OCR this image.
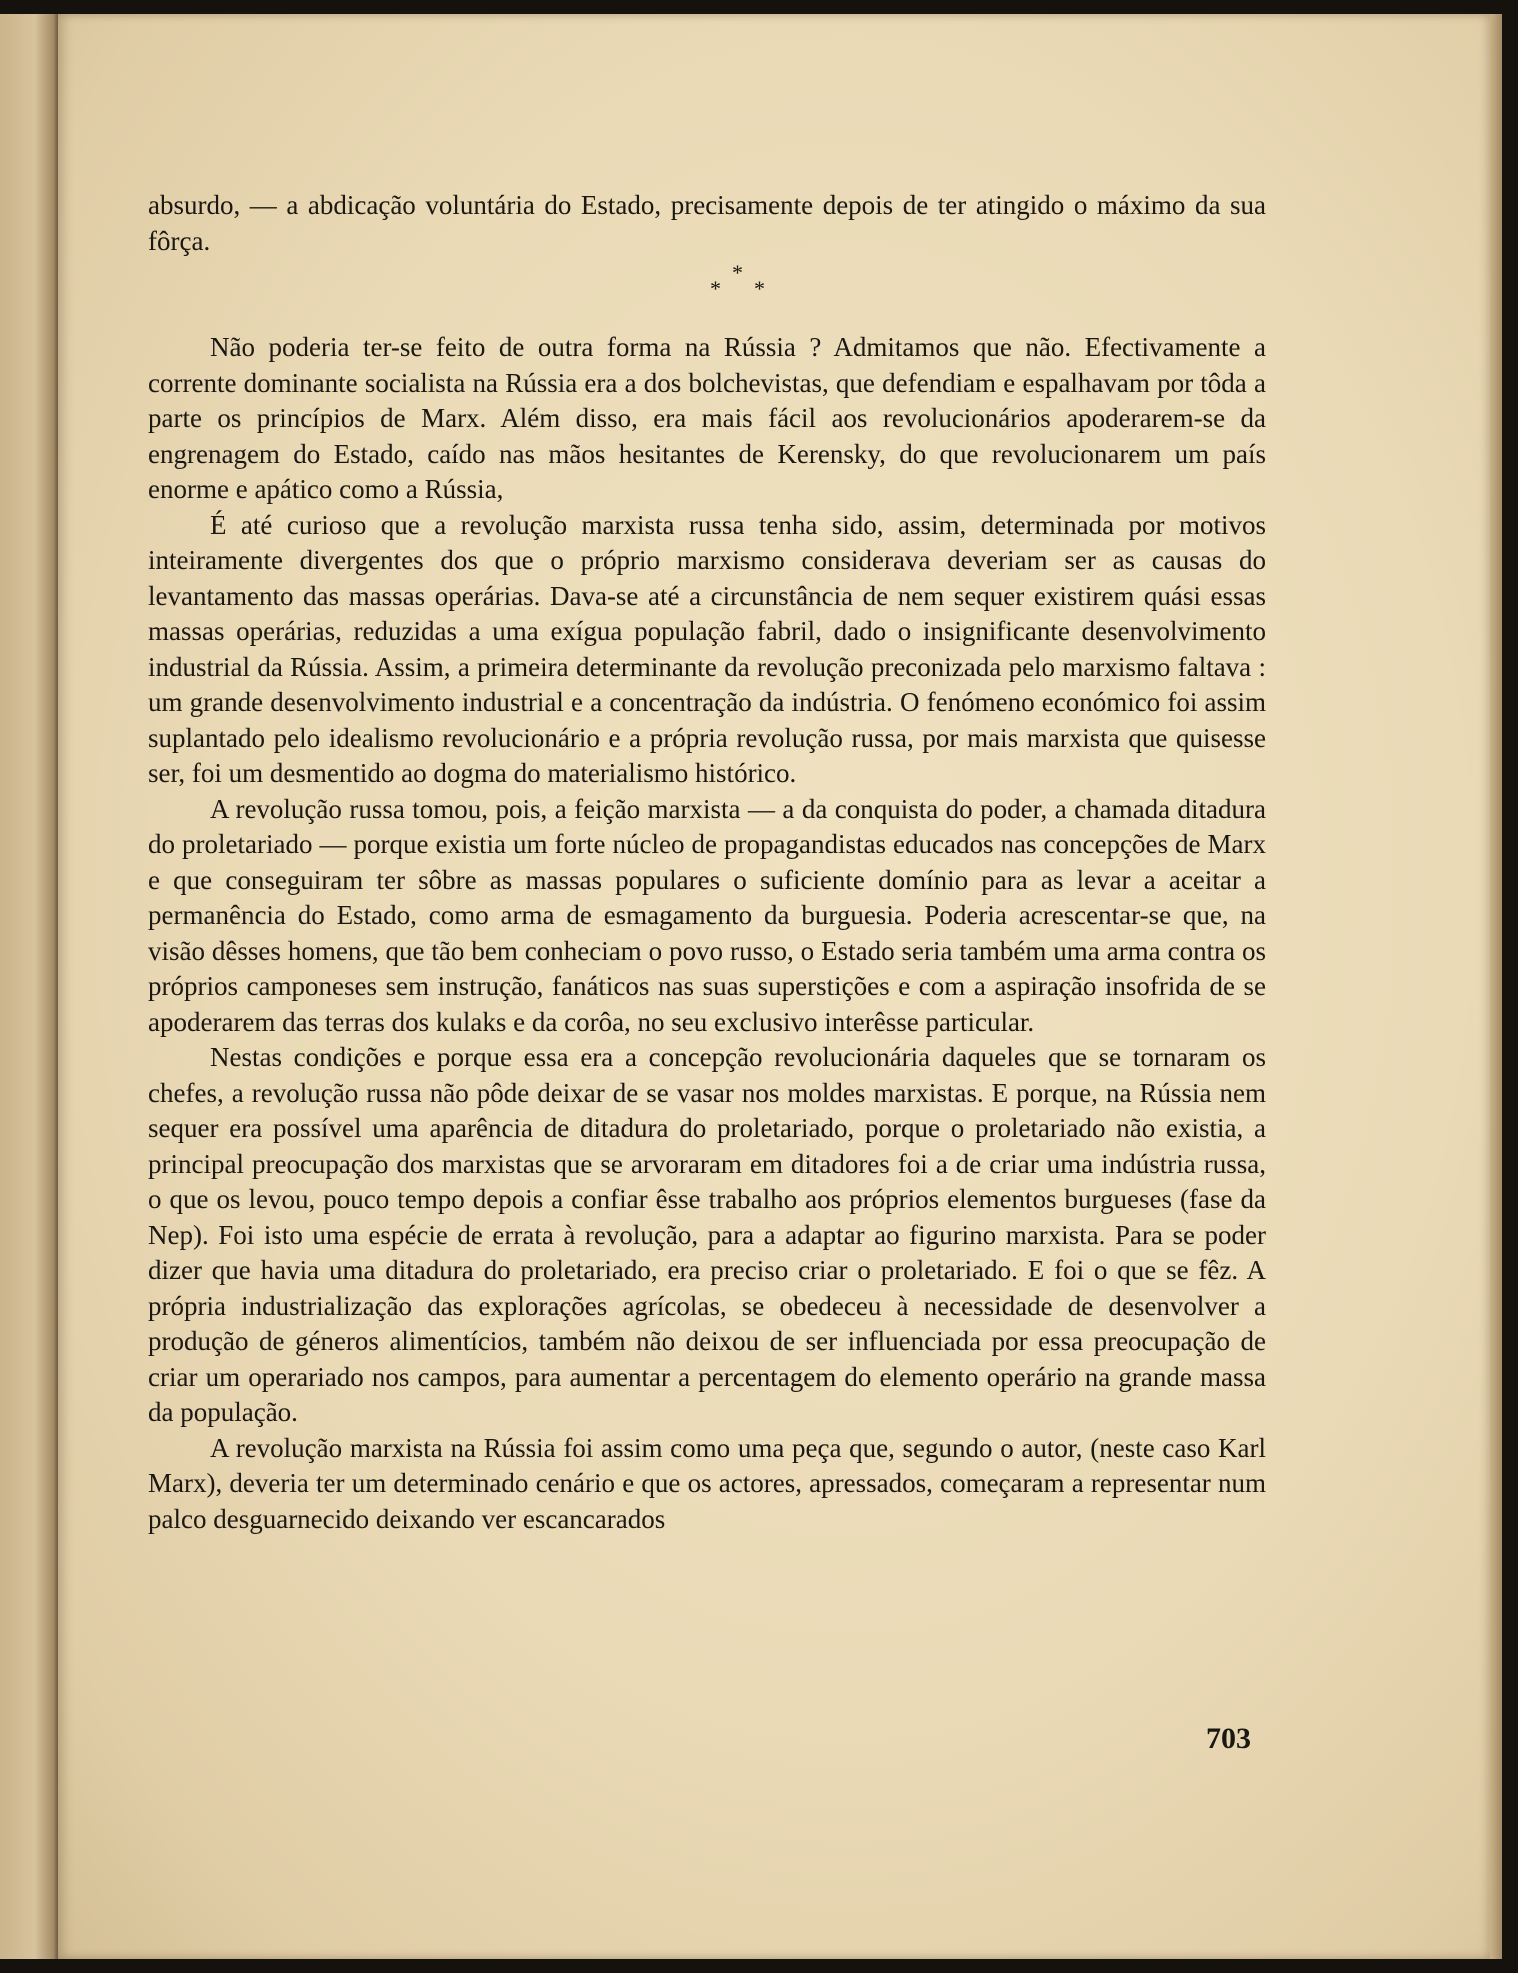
absurdo, — a abdicação voluntária do Estado, precisamente depois de ter atingido o máximo da sua fôrça.

*
* *

Não poderia ter-se feito de outra forma na Rússia ? Admitamos que não. Efectivamente a corrente dominante socialista na Rússia era a dos bolchevistas, que defendiam e espalhavam por tôda a parte os princípios de Marx. Além disso, era mais fácil aos revolucionários apoderarem-se da engrenagem do Estado, caído nas mãos hesitantes de Kerensky, do que revolucionarem um país enorme e apático como a Rússia,

É até curioso que a revolução marxista russa tenha sido, assim, determinada por motivos inteiramente divergentes dos que o próprio marxismo considerava deveriam ser as causas do levantamento das massas operárias. Dava-se até a circunstância de nem sequer existirem quási essas massas operárias, reduzidas a uma exígua população fabril, dado o insignificante desenvolvimento industrial da Rússia. Assim, a primeira determinante da revolução preconizada pelo marxismo faltava : um grande desenvolvimento industrial e a concentração da indústria. O fenómeno económico foi assim suplantado pelo idealismo revolucionário e a própria revolução russa, por mais marxista que quisesse ser, foi um desmentido ao dogma do materialismo histórico.

A revolução russa tomou, pois, a feição marxista — a da conquista do poder, a chamada ditadura do proletariado — porque existia um forte núcleo de propagandistas educados nas concepções de Marx e que conseguiram ter sôbre as massas populares o suficiente domínio para as levar a aceitar a permanência do Estado, como arma de esmagamento da burguesia. Poderia acrescentar-se que, na visão dêsses homens, que tão bem conheciam o povo russo, o Estado seria também uma arma contra os próprios camponeses sem instrução, fanáticos nas suas superstições e com a aspiração insofrida de se apoderarem das terras dos kulaks e da corôa, no seu exclusivo interêsse particular.

Nestas condições e porque essa era a concepção revolucionária daqueles que se tornaram os chefes, a revolução russa não pôde deixar de se vasar nos moldes marxistas. E porque, na Rússia nem sequer era possível uma aparência de ditadura do proletariado, porque o proletariado não existia, a principal preocupação dos marxistas que se arvoraram em ditadores foi a de criar uma indústria russa, o que os levou, pouco tempo depois a confiar êsse trabalho aos próprios elementos burgueses (fase da Nep). Foi isto uma espécie de errata à revolução, para a adaptar ao figurino marxista. Para se poder dizer que havia uma ditadura do proletariado, era preciso criar o proletariado. E foi o que se fêz. A própria industrialização das explorações agrícolas, se obedeceu à necessidade de desenvolver a produção de géneros alimentícios, também não deixou de ser influenciada por essa preocupação de criar um operariado nos campos, para aumentar a percentagem do elemento operário na grande massa da população.

A revolução marxista na Rússia foi assim como uma peça que, segundo o autor, (neste caso Karl Marx), deveria ter um determinado cenário e que os actores, apressados, começaram a representar num palco desguarnecido deixando ver escancarados

703
